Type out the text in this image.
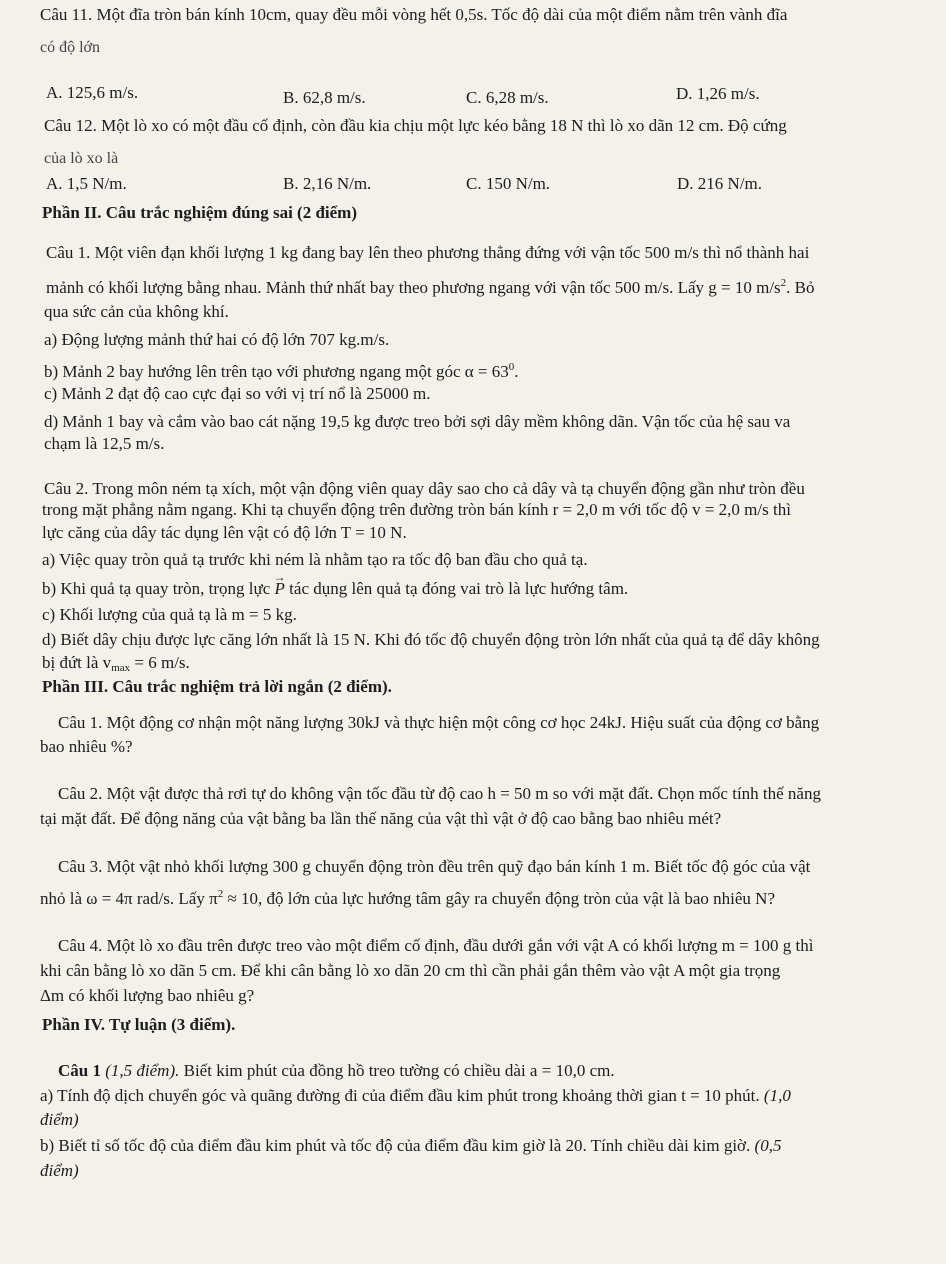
Câu 11. Một đĩa tròn bán kính 10cm, quay đều mỗi vòng hết 0,5s. Tốc độ dài của một điểm nằm trên vành đĩa
có độ lớn
A. 125,6 m/s.	B. 62,8 m/s.	C. 6,28 m/s.	D. 1,26 m/s.
Câu 12. Một lò xo có một đầu cố định, còn đầu kia chịu một lực kéo bằng 18 N thì lò xo dãn 12 cm. Độ cứng
của lò xo là
A. 1,5 N/m.	B. 2,16 N/m.	C. 150 N/m.	D. 216 N/m.
Phần II. Câu trắc nghiệm đúng sai (2 điểm)
Câu 1. Một viên đạn khối lượng 1 kg đang bay lên theo phương thẳng đứng với vận tốc 500 m/s thì nổ thành hai
mảnh có khối lượng bằng nhau. Mảnh thứ nhất bay theo phương ngang với vận tốc 500 m/s. Lấy g = 10 $m/s^2$. Bỏ
qua sức cản của không khí.
a) Động lượng mảnh thứ hai có độ lớn 707 kg.m/s.
b) Mảnh 2 bay hướng lên trên tạo với phương ngang một góc $\alpha = 63^0$.
c) Mảnh 2 đạt độ cao cực đại so với vị trí nổ là 25000 m.
d) Mảnh 1 bay và cắm vào bao cát nặng 19,5 kg được treo bởi sợi dây mềm không dãn. Vận tốc của hệ sau va
chạm là 12,5 m/s.
Câu 2. Trong môn ném tạ xích, một vận động viên quay dây sao cho cả dây và tạ chuyển động gần như tròn đều
trong mặt phẳng nằm ngang. Khi tạ chuyển động trên đường tròn bán kính r = 2,0 m với tốc độ v = 2,0 m/s thì
lực căng của dây tác dụng lên vật có độ lớn T = 10 N.
a) Việc quay tròn quả tạ trước khi ném là nhằm tạo ra tốc độ ban đầu cho quả tạ.
b) Khi quả tạ quay tròn, trọng lực → P tác dụng lên quả tạ đóng vai trò là lực hướng tâm.
c) Khối lượng của quả tạ là m = 5 kg.
d) Biết dây chịu được lực căng lớn nhất là 15 N. Khi đó tốc độ chuyển động tròn lớn nhất của quả tạ để dây không
bị đứt là $v_{max} = 6$ m/s.
Phần III. Câu trắc nghiệm trả lời ngắn (2 điểm).
Câu 1. Một động cơ nhận một năng lượng 30kJ và thực hiện một công cơ học 24kJ. Hiệu suất của động cơ bằng
bao nhiêu %?
Câu 2. Một vật được thả rơi tự do không vận tốc đầu từ độ cao h = 50 m so với mặt đất. Chọn mốc tính thế năng
tại mặt đất. Để động năng của vật bằng ba lần thế năng của vật thì vật ở độ cao bằng bao nhiêu mét?
Câu 3. Một vật nhỏ khối lượng 300 g chuyển động tròn đều trên quỹ đạo bán kính 1 m. Biết tốc độ góc của vật
nhỏ là ω = 4π rad/s. Lấy $\pi^2 \approx 10$, độ lớn của lực hướng tâm gây ra chuyển động tròn của vật là bao nhiêu N?
Câu 4. Một lò xo đầu trên được treo vào một điểm cố định, đầu dưới gắn với vật A có khối lượng m = 100 g thì
khi cân bằng lò xo dãn 5 cm. Để khi cân bằng lò xo dãn 20 cm thì cần phải gắn thêm vào vật A một gia trọng
Δm có khối lượng bao nhiêu g?
Phần IV. Tự luận (3 điểm).
Câu 1 (1,5 điểm). Biết kim phút của đồng hồ treo tường có chiều dài a = 10,0 cm.
a) Tính độ dịch chuyển góc và quãng đường đi của điểm đầu kim phút trong khoảng thời gian t = 10 phút. (1,0
điểm)
b) Biết tỉ số tốc độ của điểm đầu kim phút và tốc độ của điểm đầu kim giờ là 20. Tính chiều dài kim giờ. (0,5
điểm)
